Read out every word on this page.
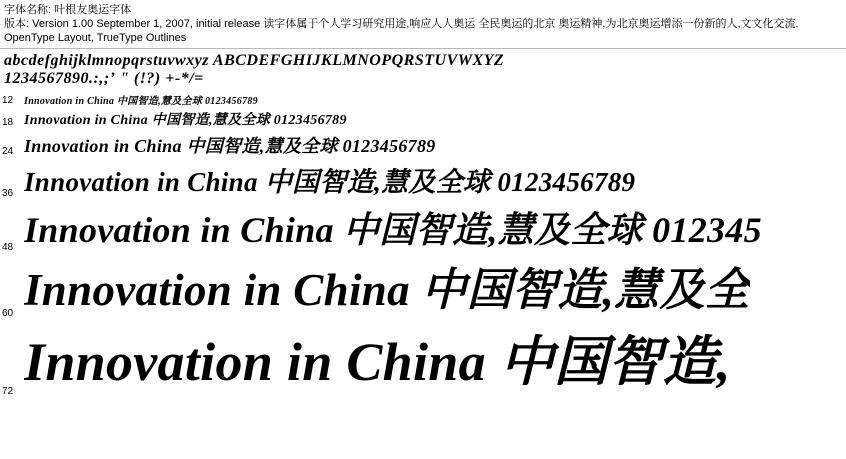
字体名称: 叶根友奥运字体
版本: Version 1.00 September 1, 2007, initial release 读字体属于个人学习研究用途,响应人人奥运 全民奥运的北京 奥运精神,为北京奥运增添一份新的人,文文化交流.
OpenType Layout, TrueType Outlines
abcdefghijklmnopqrstuvwxyz ABCDEFGHIJKLMNOPQRSTUVWXYZ
1234567890.:,;ʼ " (!?) +-*/=
12	Innovation in China 中国智造,慧及全球 0123456789
18 Innovation in China 中国智造,慧及全球 0123456789
24 Innovation in China 中国智造,慧及全球 0123456789
36 Innovation in China 中国智造,慧及全球 0123456789
48 Innovation in China 中国智造,慧及全球 012345
60 Innovation in China 中国智造,慧及全
72 Innovation in China 中国智造,
